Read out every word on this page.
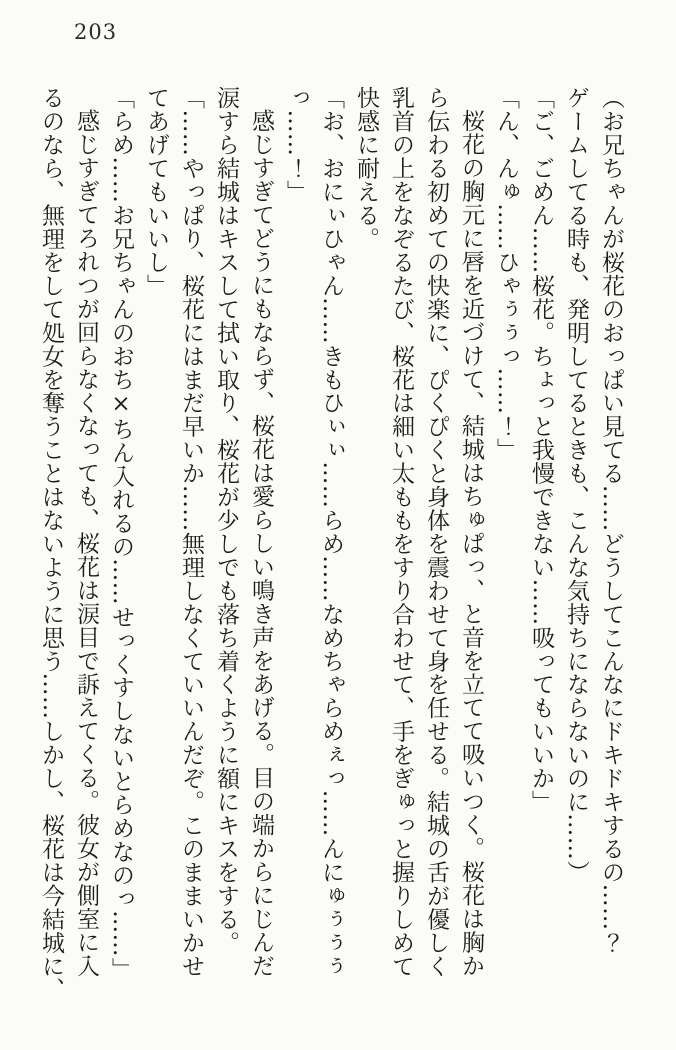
203
（お兄ちゃんが桜花のおっぱい見てる……どうしてこんなにドキドキするの……？
ゲームしてる時も、発明してるときも、こんな気持ちにならないのに……）
「ご、ごめん……桜花。ちょっと我慢できない……吸ってもいいか」
「ん、んゅ……ひゃぅぅっ……！」
桜花の胸元に唇を近づけて、結城はちゅぱっ、と音を立てて吸いつく。桜花は胸か
ら伝わる初めての快楽に、ぴくぴくと身体を震わせて身を任せる。結城の舌が優しく
乳首の上をなぞるたび、桜花は細い太ももをすり合わせて、手をぎゅっと握りしめて
快感に耐える。
「お、おにぃひゃん……きもひぃぃ……らめ……なめちゃらめぇっ……んにゅぅぅぅ
っ……！」
感じすぎてどうにもならず、桜花は愛らしい鳴き声をあげる。目の端からにじんだ
涙すら結城はキスして拭い取り、桜花が少しでも落ち着くように額にキスをする。
「……やっぱり、桜花にはまだ早いか……無理しなくていいんだぞ。このままいかせ
てあげてもいいし」
「らめ……お兄ちゃんのおち×ちん入れるの……せっくすしないとらめなのっ……」
感じすぎてろれつが回らなくなっても、桜花は涙目で訴えてくる。彼女が側室に入
るのなら、無理をして処女を奪うことはないように思う……しかし、桜花は今結城に、
